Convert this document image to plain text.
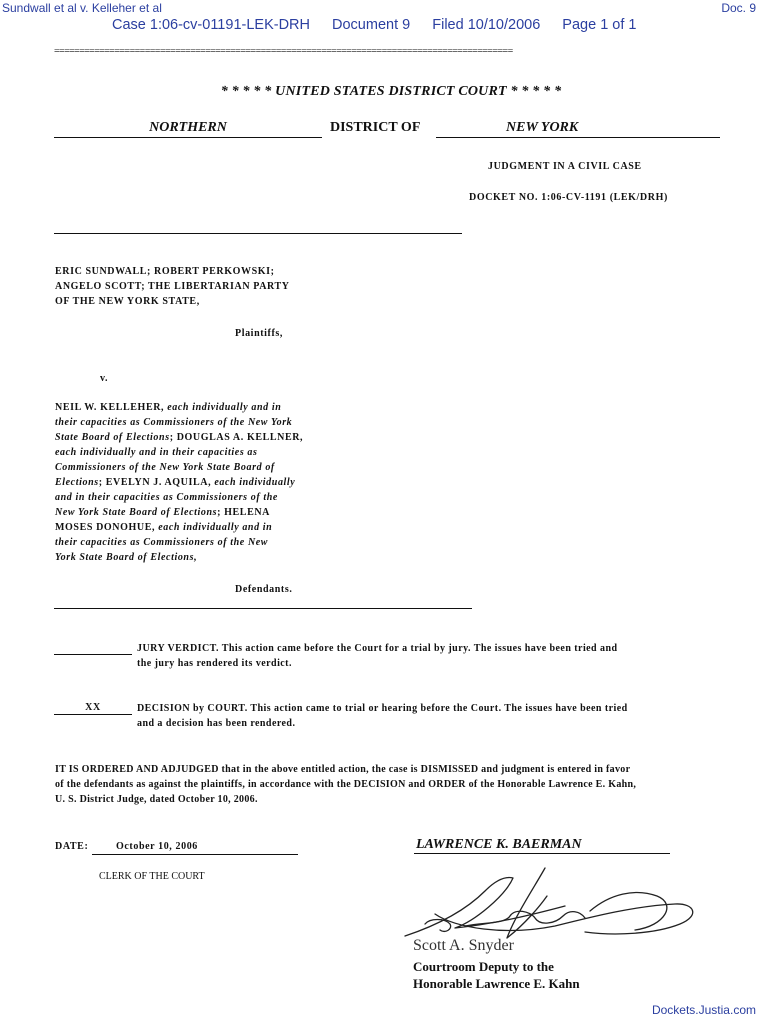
Sundwall et al v. Kelleher et al	Doc. 9
Case 1:06-cv-01191-LEK-DRH Document 9 Filed 10/10/2006 Page 1 of 1
===========================================================================================
* * * * * UNITED STATES DISTRICT COURT * * * * *
NORTHERN	DISTRICT OF	NEW YORK
JUDGMENT IN A CIVIL CASE
DOCKET NO. 1:06-CV-1191 (LEK/DRH)
ERIC SUNDWALL; ROBERT PERKOWSKI;
ANGELO SCOTT; THE LIBERTARIAN PARTY
OF THE NEW YORK STATE,
Plaintiffs,
v.
NEIL W. KELLEHER, each individually and in
their capacities as Commissioners of the New York
State Board of Elections; DOUGLAS A. KELLNER,
each individually and in their capacities as
Commissioners of the New York State Board of
Elections; EVELYN J. AQUILA, each individually
and in their capacities as Commissioners of the
New York State Board of Elections; HELENA
MOSES DONOHUE, each individually and in
their capacities as Commissioners of the New
York State Board of Elections,
Defendants.
JURY VERDICT. This action came before the Court for a trial by jury. The issues have been tried and
the jury has rendered its verdict.
XX	DECISION by COURT. This action came to trial or hearing before the Court. The issues have been tried
and a decision has been rendered.
IT IS ORDERED AND ADJUDGED that in the above entitled action, the case is DISMISSED and judgment is entered in favor
of the defendants as against the plaintiffs, in accordance with the DECISION and ORDER of the Honorable Lawrence E. Kahn,
U. S. District Judge, dated October 10, 2006.
DATE:	October 10, 2006	LAWRENCE K. BAERMAN
CLERK OF THE COURT
Scott A. Snyder
Courtroom Deputy to the
Honorable Lawrence E. Kahn
Dockets.Justia.com
